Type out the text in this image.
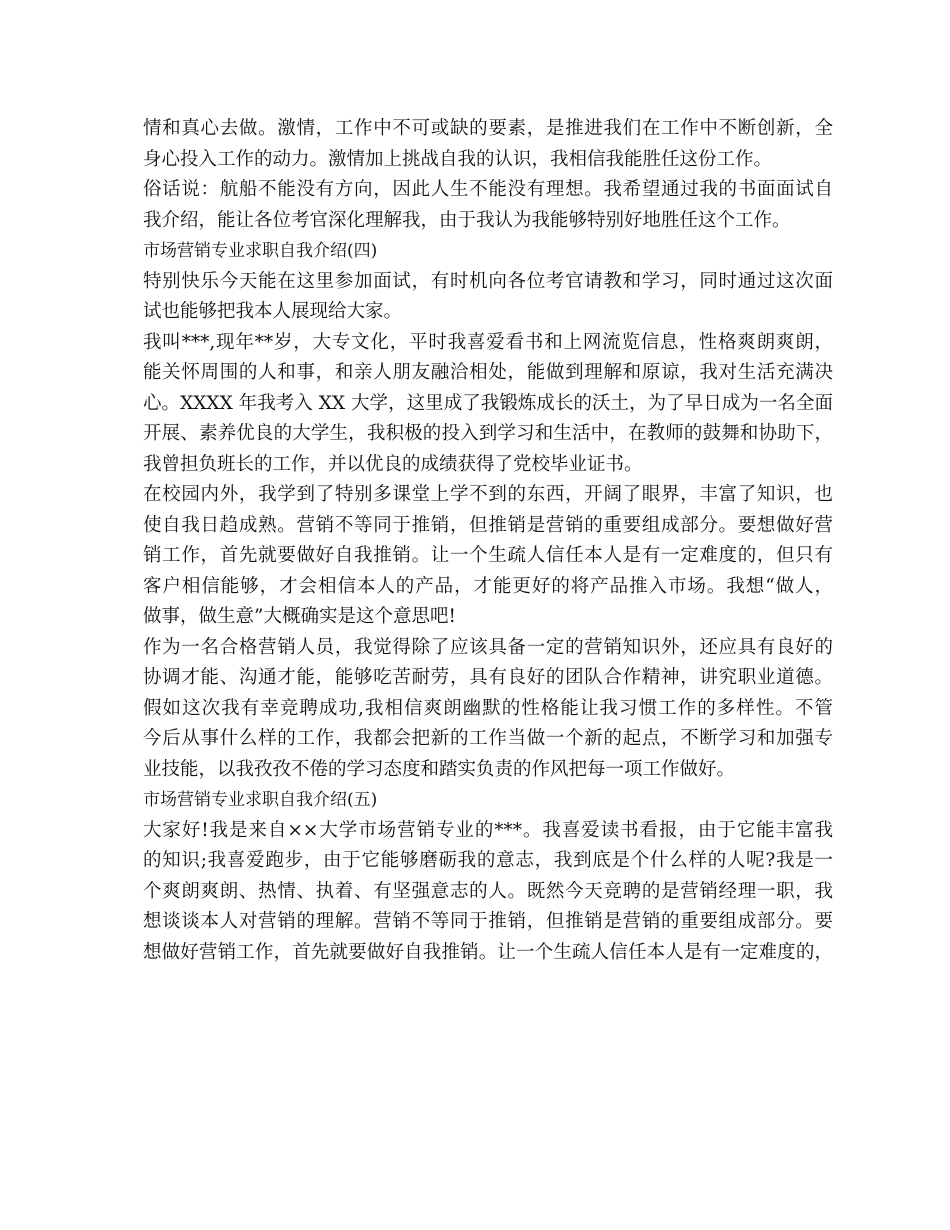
情和真心去做。激情，工作中不可或缺的要素，是推进我们在工作中不断创新，全
身心投入工作的动力。激情加上挑战自我的认识，我相信我能胜任这份工作。
俗话说：航船不能没有方向，因此人生不能没有理想。我希望通过我的书面面试自
我介绍，能让各位考官深化理解我，由于我认为我能够特别好地胜任这个工作。
市场营销专业求职自我介绍(四)
特别快乐今天能在这里参加面试，有时机向各位考官请教和学习，同时通过这次面
试也能够把我本人展现给大家。
我叫***,现年**岁，大专文化，平时我喜爱看书和上网流览信息，性格爽朗爽朗，
能关怀周围的人和事，和亲人朋友融洽相处，能做到理解和原谅，我对生活充满决
心。XXXX 年我考入 XX 大学，这里成了我锻炼成长的沃土，为了早日成为一名全面
开展、素养优良的大学生，我积极的投入到学习和生活中，在教师的鼓舞和协助下，
我曾担负班长的工作，并以优良的成绩获得了党校毕业证书。
在校园内外，我学到了特别多课堂上学不到的东西，开阔了眼界，丰富了知识，也
使自我日趋成熟。营销不等同于推销，但推销是营销的重要组成部分。要想做好营
销工作，首先就要做好自我推销。让一个生疏人信任本人是有一定难度的，但只有
客户相信能够，才会相信本人的产品，才能更好的将产品推入市场。我想“做人，
做事，做生意”大概确实是这个意思吧!
作为一名合格营销人员，我觉得除了应该具备一定的营销知识外，还应具有良好的
协调才能、沟通才能，能够吃苦耐劳，具有良好的团队合作精神，讲究职业道德。
假如这次我有幸竞聘成功,我相信爽朗幽默的性格能让我习惯工作的多样性。不管
今后从事什么样的工作，我都会把新的工作当做一个新的起点，不断学习和加强专
业技能，以我孜孜不倦的学习态度和踏实负责的作风把每一项工作做好。
市场营销专业求职自我介绍(五)
大家好!我是来自××大学市场营销专业的***。我喜爱读书看报，由于它能丰富我
的知识;我喜爱跑步，由于它能够磨砺我的意志，我到底是个什么样的人呢?我是一
个爽朗爽朗、热情、执着、有坚强意志的人。既然今天竞聘的是营销经理一职，我
想谈谈本人对营销的理解。营销不等同于推销，但推销是营销的重要组成部分。要
想做好营销工作，首先就要做好自我推销。让一个生疏人信任本人是有一定难度的，
